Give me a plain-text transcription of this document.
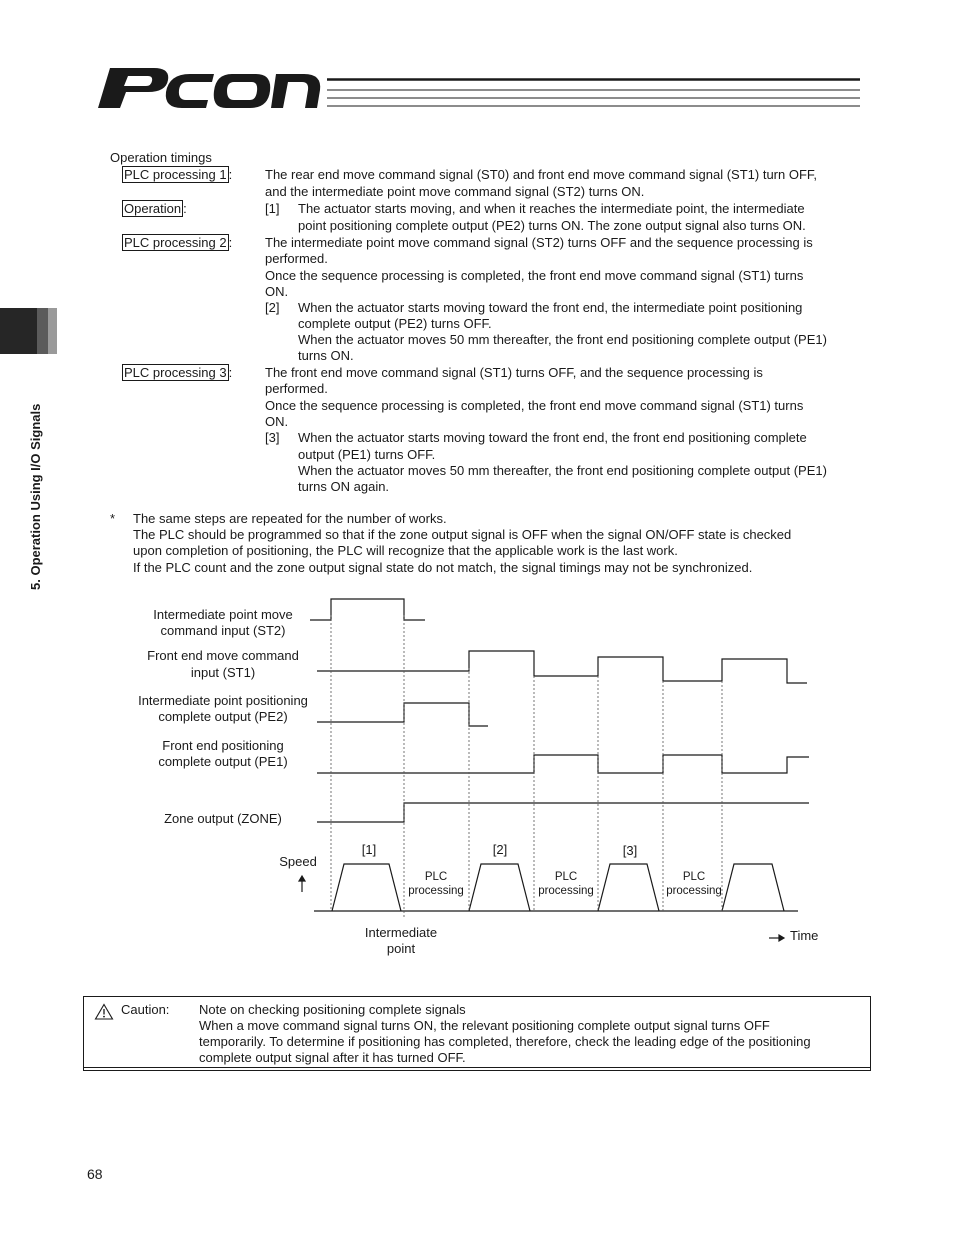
5. Operation Using I/O Signals
Operation timings
PLC processing 1 :	The rear end move command signal (ST0) and front end move command signal (ST1) turn OFF,
and the intermediate point move command signal (ST2) turns ON.
Operation :	[1] The actuator starts moving, and when it reaches the intermediate point, the intermediate
point positioning complete output (PE2) turns ON. The zone output signal also turns ON.
PLC processing 2 :	The intermediate point move command signal (ST2) turns OFF and the sequence processing is
performed.
Once the sequence processing is completed, the front end move command signal (ST1) turns
ON.
[2] When the actuator starts moving toward the front end, the intermediate point positioning
complete output (PE2) turns OFF.
When the actuator moves 50 mm thereafter, the front end positioning complete output (PE1)
turns ON.
PLC processing 3 :	The front end move command signal (ST1) turns OFF, and the sequence processing is
performed.
Once the sequence processing is completed, the front end move command signal (ST1) turns
ON.
[3] When the actuator starts moving toward the front end, the front end positioning complete
output (PE1) turns OFF.
When the actuator moves 50 mm thereafter, the front end positioning complete output (PE1)
turns ON again.
* The same steps are repeated for the number of works.
The PLC should be programmed so that if the zone output signal is OFF when the signal ON/OFF state is checked
upon completion of positioning, the PLC will recognize that the applicable work is the last work.
If the PLC count and the zone output signal state do not match, the signal timings may not be synchronized.
Intermediate point move
command input (ST2)
Front end move command
input (ST1)
Intermediate point positioning
complete output (PE2)
Front end positioning
complete output (PE1)
Zone output (ZONE)
Speed
[1]	[2]	[3]
Intermediate
point
Time
PLC
processing
PLC
processing
PLC
processing
Caution: Note on checking positioning complete signals
When a move command signal turns ON, the relevant positioning complete output signal turns OFF
temporarily. To determine if positioning has completed, therefore, check the leading edge of the positioning
complete output signal after it has turned OFF.
68
